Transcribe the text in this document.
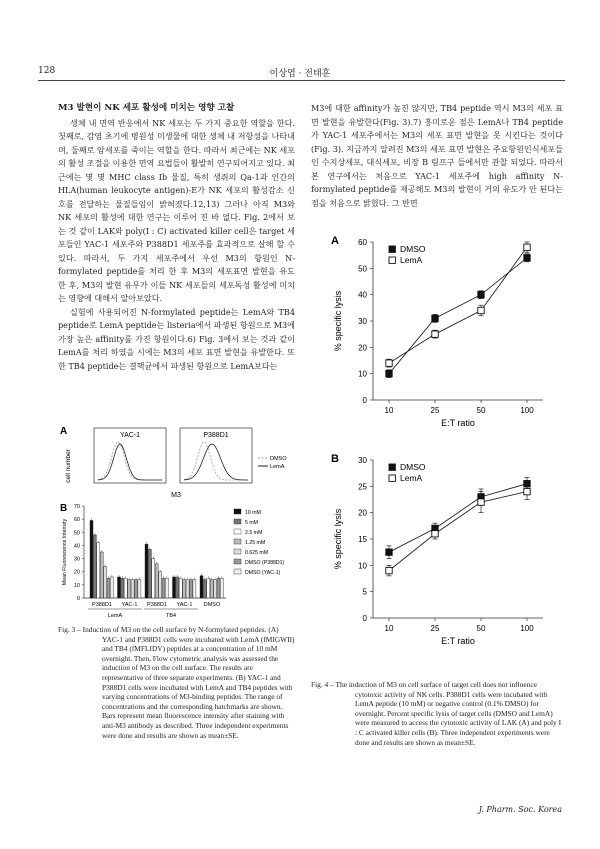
128	이상엽 · 전태훈
M3 발현이 NK 세포 활성에 미치는 영향 고찰

생체 내 면역 반응에서 NK 세포는 두 가지 중요한 역할을 한다. 첫째로, 감염 초기에 병원성 미생물에 대한 생체 내 저항성을 나타내며, 둘째로 암세포를 죽이는 역할을 한다. 따라서 최근에는 NK 세포의 활성 조절을 이용한 면역 요법들이 활발히 연구되어지고 있다. 최근에는 몇 몇 MHC class Ib 물질, 특히 생쥐의 Qa-1과 인간의 HLA(human leukocyte antigen)-E가 NK 세포의 활성감소 신호를 전달하는 물질들임이 밝혀졌다.12,13) 그러나 아직 M3와 NK 세포의 활성에 대한 연구는 이루어 진 바 없다. Fig. 2에서 보는 것 같이 LAK와 poly(I : C) activated killer cell은 target 세포들인 YAC-1 세포주와 P388D1 세포주를 효과적으로 살해 할 수 있다. 따라서, 두 가지 세포주에서 우선 M3의 항원인 N-formylated peptide를 처리 한 후 M3의 세포표면 발현을 유도 한 후, M3의 발현 유무가 이들 NK 세포들의 세포독성 활성에 미치는 영향에 대해서 알아보았다.

실험에 사용되어진 N-formylated peptide는 LemA와 TB4 peptide로 LemA peptide는 listeria에서 파생된 항원으로 M3에 가장 높은 affinity를 가진 항원이다.6) Fig. 3에서 보는 것과 같이 LemA를 처리 하였을 시에는 M3의 세포 표면 발현을 유발한다. 또한 TB4 peptide는 결핵균에서 파생된 항원으로 LemA보다는

M3에 대한 affinity가 높진 않지만, TB4 peptide 역시 M3의 세포 표면 발현을 유발한다(Fig. 3).7) 흥미로운 점은 LemA나 TB4 peptide가 YAC-1 세포주에서는 M3의 세포 표면 발현을 못 시킨다는 것이다(Fig. 3). 지금까지 알려진 M3의 세포 표면 발현은 주요항원인식세포들인 수지상세포, 대식세포, 비장 B 림프구 들에서만 관찰 되었다. 따라서 본 연구에서는 처음으로 YAC-1 세포주에 high affinity N-formylated peptide를 제공해도 M3의 발현이 거의 유도가 안 된다는 점을 처음으로 밝혔다. 그 반면

A	YAC-1	P388D1
cell number
M3
DMSO
LemA
B
0
10
20
30
40
50
60
70
Mean Fluorescence Intensity
P388D1 YAC-1 P388D1 YAC-1 DMSO
LemA	TB4
10 mM
5 mM
2.5 mM
1.25 mM
0.625 mM
DMSO (P388D1)
DMSO (YAC-1)
Fig. 3 – Induction of M3 on the cell surface by N-formylated peptides. (A) YAC-1 and P388D1 cells were incubated with LemA (fMIGWII) and TB4 (fMFLIDV) peptides at a concentration of 10 mM overnight. Then, Flow cytometric analysis was assessed the induction of M3 on the cell surface. The results are representative of three separate experiments. (B) YAC-1 and P388D1 cells were incubated with LemA and TB4 peptides with varying concentrations of M3-binding peptides. The range of concentrations and the corresponding hatchmarks are shown. Bars represent mean fluorescence intensity after staining with anti-M3 antibody as described. Three independent experiments were done and results are shown as mean±SE.
A
0
10
20
30
40
50
60
10	25	50	100
E:T ratio
% specific lysis
DMSO
LemA
B
0
5
10
15
20
25
30
10	25	50	100
E:T ratio
% specific lysis
DMSO
LemA
Fig. 4 – The induction of M3 on cell surface of target cell does not influence cytotoxic activity of NK cells. P388D1 cells were incubated with LemA peptide (10 mM) or negative control (0.1% DMSO) for overnight. Percent specific lysis of target cells (DMSO and LemA) were measured to access the cytotoxic activity of LAK (A) and poly I : C activated killer cells (B). Three independent experiments were done and results are shown as mean±SE.
J. Pharm. Soc. Korea
